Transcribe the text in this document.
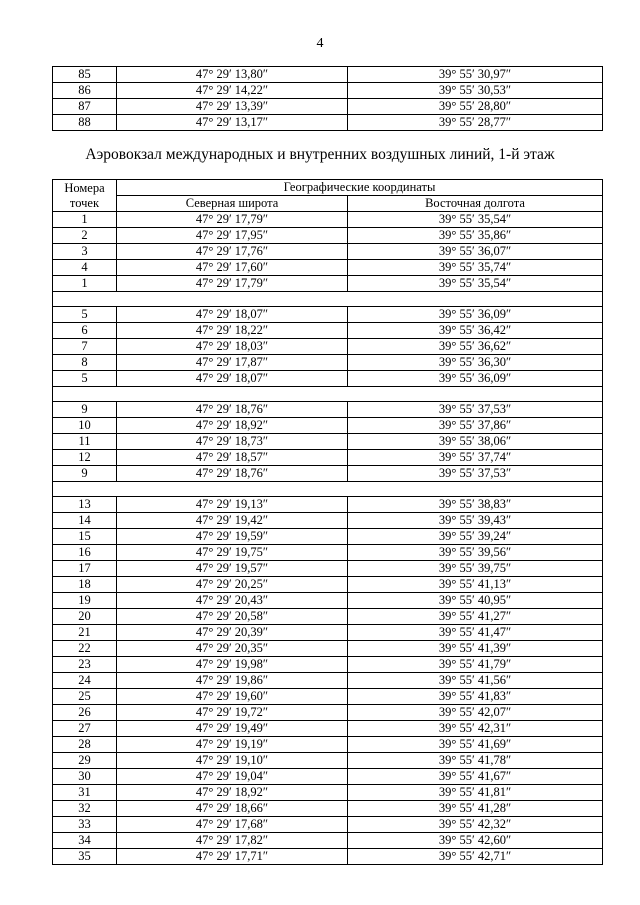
4
85	47° 29′ 13,80″	39° 55′ 30,97″
86	47° 29′ 14,22″	39° 55′ 30,53″
87	47° 29′ 13,39″	39° 55′ 28,80″
88	47° 29′ 13,17″	39° 55′ 28,77″
Аэровокзал международных и внутренних воздушных линий, 1-й этаж
Номера
точек	Географические координаты	
	Северная широта	Восточная долгота
1	47° 29′ 17,79″	39° 55′ 35,54″
2	47° 29′ 17,95″	39° 55′ 35,86″
3	47° 29′ 17,76″	39° 55′ 36,07″
4	47° 29′ 17,60″	39° 55′ 35,74″
1	47° 29′ 17,79″	39° 55′ 35,54″

5	47° 29′ 18,07″	39° 55′ 36,09″
6	47° 29′ 18,22″	39° 55′ 36,42″
7	47° 29′ 18,03″	39° 55′ 36,62″
8	47° 29′ 17,87″	39° 55′ 36,30″
5	47° 29′ 18,07″	39° 55′ 36,09″

9	47° 29′ 18,76″	39° 55′ 37,53″
10	47° 29′ 18,92″	39° 55′ 37,86″
11	47° 29′ 18,73″	39° 55′ 38,06″
12	47° 29′ 18,57″	39° 55′ 37,74″
9	47° 29′ 18,76″	39° 55′ 37,53″

13	47° 29′ 19,13″	39° 55′ 38,83″
14	47° 29′ 19,42″	39° 55′ 39,43″
15	47° 29′ 19,59″	39° 55′ 39,24″
16	47° 29′ 19,75″	39° 55′ 39,56″
17	47° 29′ 19,57″	39° 55′ 39,75″
18	47° 29′ 20,25″	39° 55′ 41,13″
19	47° 29′ 20,43″	39° 55′ 40,95″
20	47° 29′ 20,58″	39° 55′ 41,27″
21	47° 29′ 20,39″	39° 55′ 41,47″
22	47° 29′ 20,35″	39° 55′ 41,39″
23	47° 29′ 19,98″	39° 55′ 41,79″
24	47° 29′ 19,86″	39° 55′ 41,56″
25	47° 29′ 19,60″	39° 55′ 41,83″
26	47° 29′ 19,72″	39° 55′ 42,07″
27	47° 29′ 19,49″	39° 55′ 42,31″
28	47° 29′ 19,19″	39° 55′ 41,69″
29	47° 29′ 19,10″	39° 55′ 41,78″
30	47° 29′ 19,04″	39° 55′ 41,67″
31	47° 29′ 18,92″	39° 55′ 41,81″
32	47° 29′ 18,66″	39° 55′ 41,28″
33	47° 29′ 17,68″	39° 55′ 42,32″
34	47° 29′ 17,82″	39° 55′ 42,60″
35	47° 29′ 17,71″	39° 55′ 42,71″
